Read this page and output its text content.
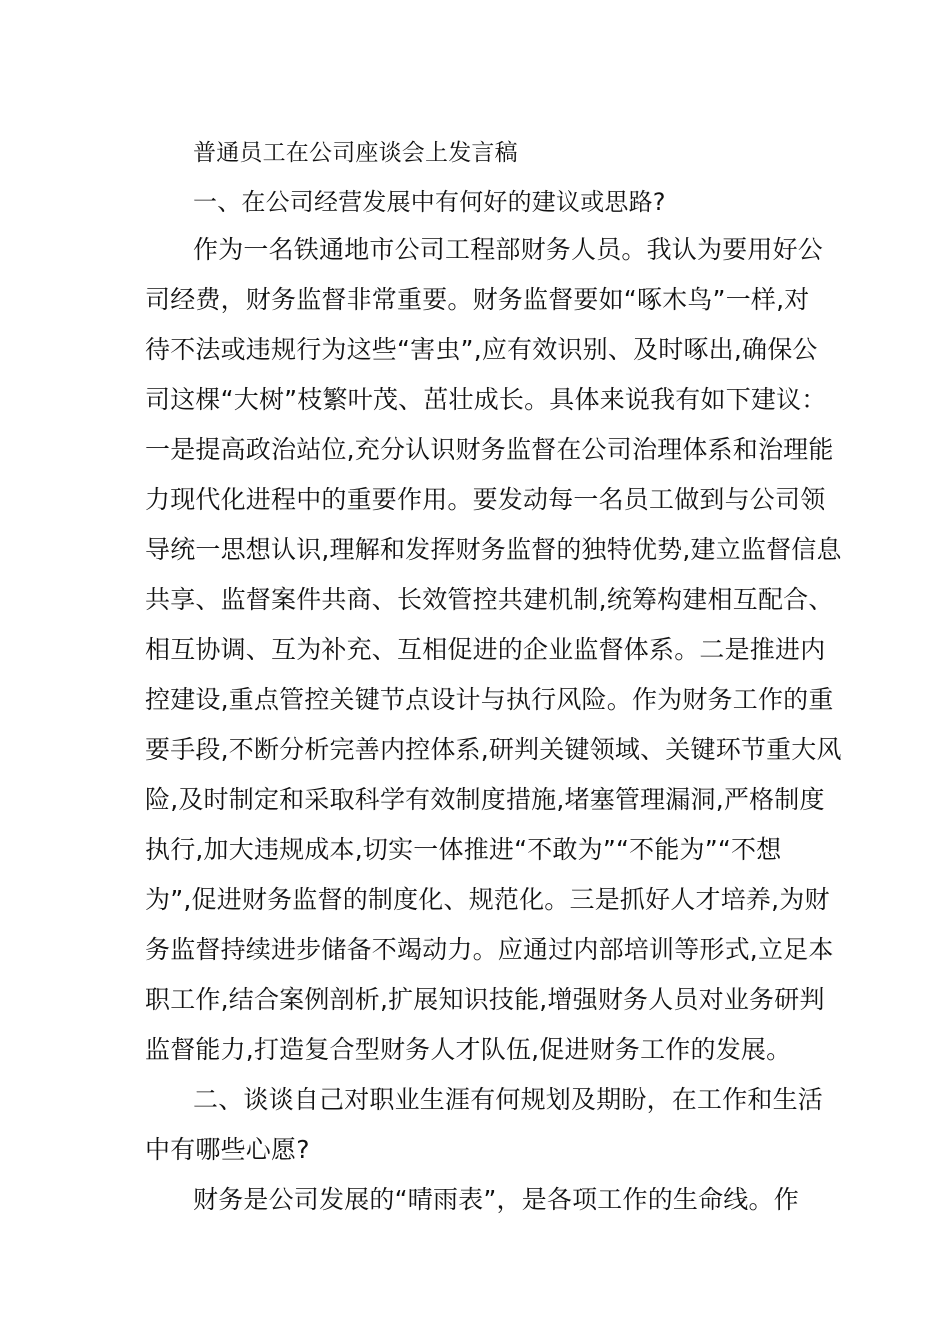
普通员工在公司座谈会上发言稿
一、在公司经营发展中有何好的建议或思路?
作为一名铁通地市公司工程部财务人员。我认为要用好公
司经费，财务监督非常重要。财务监督要如“啄木鸟”一样,对
待不法或违规行为这些“害虫”,应有效识别、及时啄出,确保公
司这棵“大树”枝繁叶茂、茁壮成长。具体来说我有如下建议：
一是提高政治站位,充分认识财务监督在公司治理体系和治理能
力现代化进程中的重要作用。要发动每一名员工做到与公司领
导统一思想认识,理解和发挥财务监督的独特优势,建立监督信息
共享、监督案件共商、长效管控共建机制,统筹构建相互配合、
相互协调、互为补充、互相促进的企业监督体系。二是推进内
控建设,重点管控关键节点设计与执行风险。作为财务工作的重
要手段,不断分析完善内控体系,研判关键领域、关键环节重大风
险,及时制定和采取科学有效制度措施,堵塞管理漏洞,严格制度
执行,加大违规成本,切实一体推进“不敢为”“不能为”“不想
为”,促进财务监督的制度化、规范化。三是抓好人才培养,为财
务监督持续进步储备不竭动力。应通过内部培训等形式,立足本
职工作,结合案例剖析,扩展知识技能,增强财务人员对业务研判
监督能力,打造复合型财务人才队伍,促进财务工作的发展。
二、谈谈自己对职业生涯有何规划及期盼，在工作和生活
中有哪些心愿?
财务是公司发展的“晴雨表”，是各项工作的生命线。作
